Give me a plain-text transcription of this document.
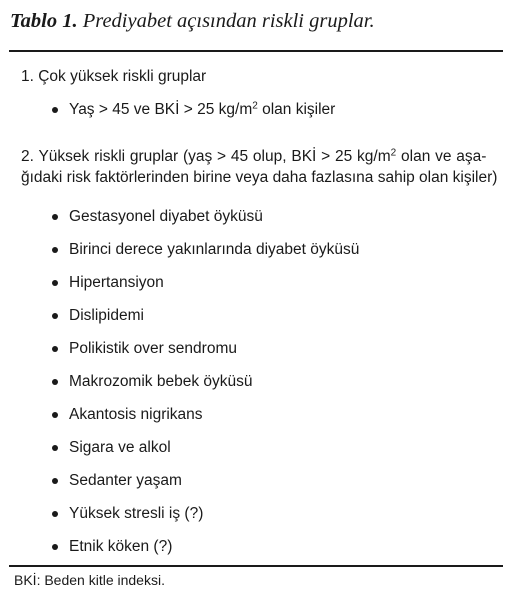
Tablo 1. Prediyabet açısından riskli gruplar.
1. Çok yüksek riskli gruplar
Yaş > 45 ve BKİ > 25 $kg/m^2$ olan kişiler
2. Yüksek riskli gruplar (yaş > 45 olup, BKİ > 25 $kg/m^2$ olan ve aşa-
ğıdaki risk faktörlerinden birine veya daha fazlasına sahip olan kişiler)
Gestasyonel diyabet öyküsü
Birinci derece yakınlarında diyabet öyküsü
Hipertansiyon
Dislipidemi
Polikistik over sendromu
Makrozomik bebek öyküsü
Akantosis nigrikans
Sigara ve alkol
Sedanter yaşam
Yüksek stresli iş (?)
Etnik köken (?)
BKİ: Beden kitle indeksi.
